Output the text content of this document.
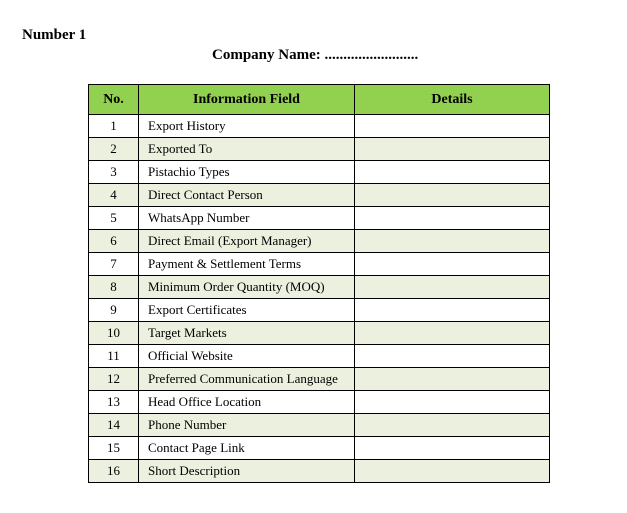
Number 1
Company Name: .........................
No.	Information Field	Details
1	Export History	
2	Exported To	
3	Pistachio Types	
4	Direct Contact Person	
5	WhatsApp Number	
6	Direct Email (Export Manager)	
7	Payment & Settlement Terms	
8	Minimum Order Quantity (MOQ)	
9	Export Certificates	
10	Target Markets	
11	Official Website	
12	Preferred Communication Language	
13	Head Office Location	
14	Phone Number	
15	Contact Page Link	
16	Short Description	
